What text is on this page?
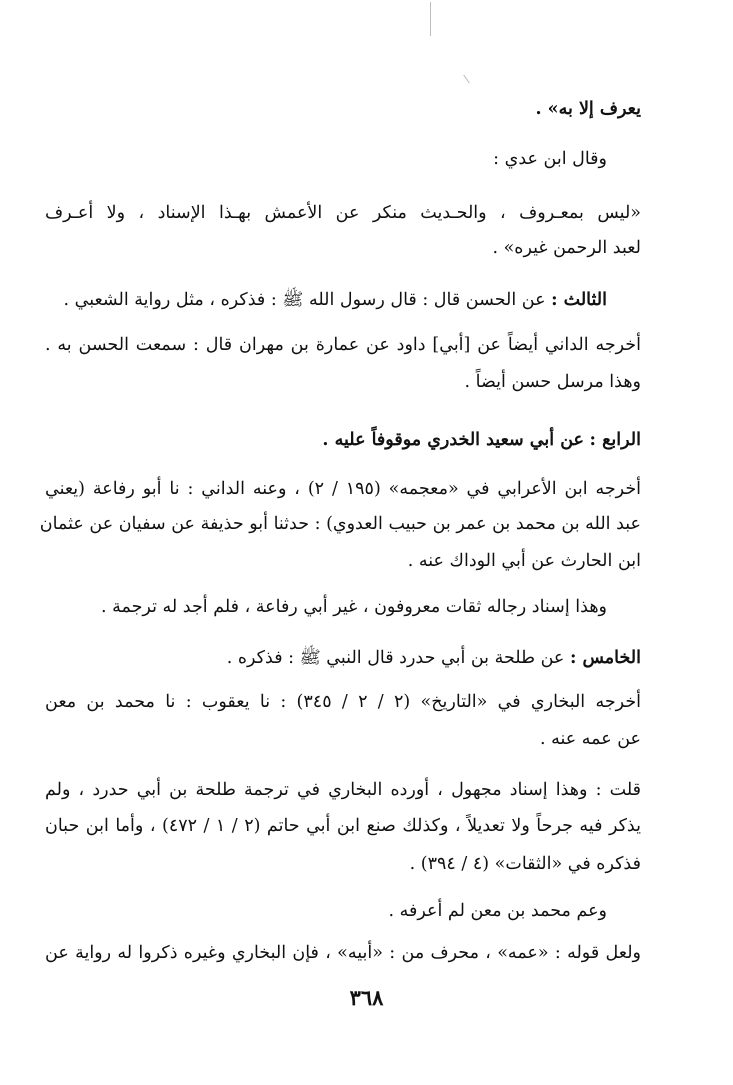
يعرف إلا به» .
وقال ابن عدي :
«ليس بمعـروف ، والحـديث منكر عن الأعمش بهـذا الإسناد ، ولا أعـرف
لعبد الرحمن غيره» .
الثالث : عن الحسن قال : قال رسول الله ﷺ : فذكره ، مثل رواية الشعبي .
أخرجه الداني أيضاً عن [أبي] داود عن عمارة بن مهران قال : سمعت الحسن به .
وهذا مرسل حسن أيضاً .
الرابع : عن أبي سعيد الخدري موقوفاً عليه .
أخرجه ابن الأعرابي في «معجمه» (١٩٥ / ٢) ، وعنه الداني : نا أبو رفاعة (يعني
عبد الله بن محمد بن عمر بن حبيب العدوي) : حدثنا أبو حذيفة عن سفيان عن عثمان
ابن الحارث عن أبي الوداك عنه .
وهذا إسناد رجاله ثقات معروفون ، غير أبي رفاعة ، فلم أجد له ترجمة .
الخامس : عن طلحة بن أبي حدرد قال النبي ﷺ : فذكره .
أخرجه البخاري في «التاريخ» (٢ / ٢ / ٣٤٥) : نا يعقوب : نا محمد بن معن
عن عمه عنه .
قلت : وهذا إسناد مجهول ، أورده البخاري في ترجمة طلحة بن أبي حدرد ، ولم
يذكر فيه جرحاً ولا تعديلاً ، وكذلك صنع ابن أبي حاتم (٢ / ١ / ٤٧٢) ، وأما ابن حبان
فذكره في «الثقات» (٤ / ٣٩٤) .
وعم محمد بن معن لم أعرفه .
ولعل قوله : «عمه» ، محرف من : «أبيه» ، فإن البخاري وغيره ذكروا له رواية عن
٣٦٨
